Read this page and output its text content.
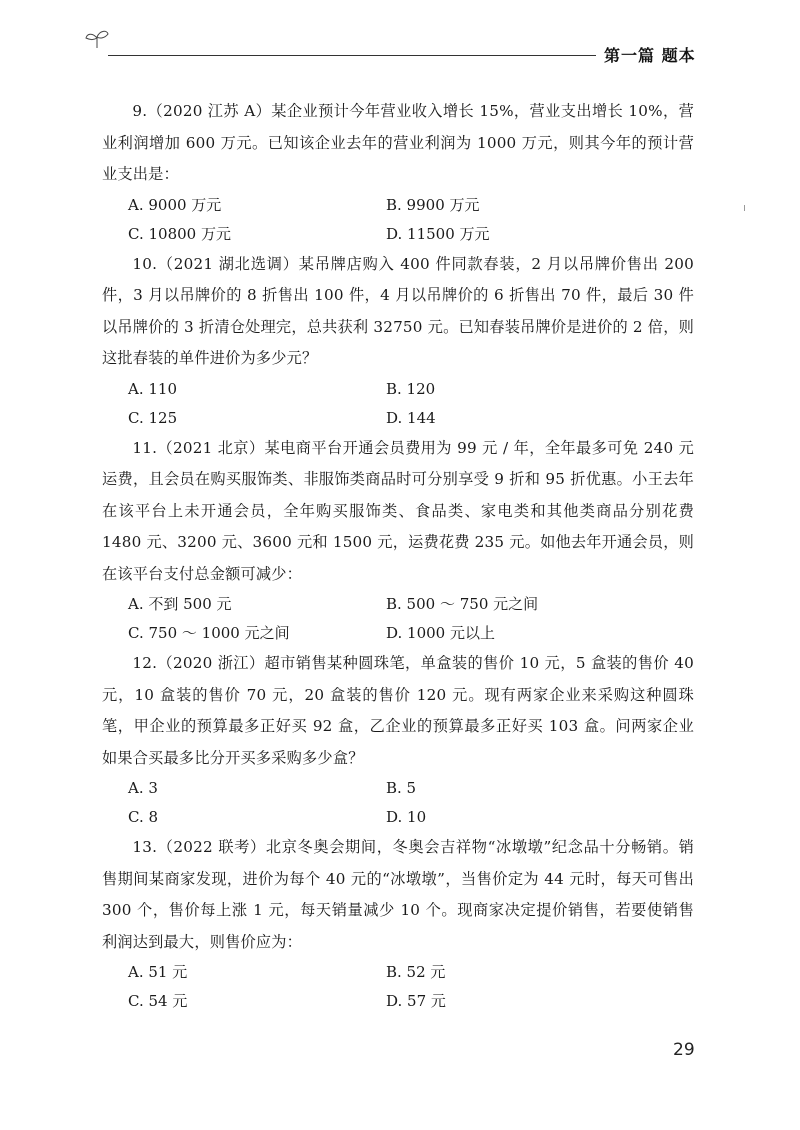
第一篇 题本

9.（2020 江苏 A）某企业预计今年营业收入增长 15%，营业支出增长 10%，营业利润增加 600 万元。已知该企业去年的营业利润为 1000 万元，则其今年的预计营业支出是：

A. 9000 万元	B. 9900 万元
C. 10800 万元	D. 11500 万元

10.（2021 湖北选调）某吊牌店购入 400 件同款春装，2 月以吊牌价售出 200 件，3 月以吊牌价的 8 折售出 100 件，4 月以吊牌价的 6 折售出 70 件，最后 30 件以吊牌价的 3 折清仓处理完，总共获利 32750 元。已知春装吊牌价是进价的 2 倍，则这批春装的单件进价为多少元？

A. 110	B. 120
C. 125	D. 144

11.（2021 北京）某电商平台开通会员费用为 99 元 / 年，全年最多可免 240 元运费，且会员在购买服饰类、非服饰类商品时可分别享受 9 折和 95 折优惠。小王去年在该平台上未开通会员，全年购买服饰类、食品类、家电类和其他类商品分别花费 1480 元、3200 元、3600 元和 1500 元，运费花费 235 元。如他去年开通会员，则在该平台支付总金额可减少：

A. 不到 500 元	B. 500 ～ 750 元之间
C. 750 ～ 1000 元之间	D. 1000 元以上

12.（2020 浙江）超市销售某种圆珠笔，单盒装的售价 10 元，5 盒装的售价 40 元，10 盒装的售价 70 元，20 盒装的售价 120 元。现有两家企业来采购这种圆珠笔，甲企业的预算最多正好买 92 盒，乙企业的预算最多正好买 103 盒。问两家企业如果合买最多比分开买多采购多少盒？

A. 3	B. 5
C. 8	D. 10

13.（2022 联考）北京冬奥会期间，冬奥会吉祥物“冰墩墩”纪念品十分畅销。销售期间某商家发现，进价为每个 40 元的“冰墩墩”，当售价定为 44 元时，每天可售出 300 个，售价每上涨 1 元，每天销量减少 10 个。现商家决定提价销售，若要使销售利润达到最大，则售价应为：

A. 51 元	B. 52 元
C. 54 元	D. 57 元
29
